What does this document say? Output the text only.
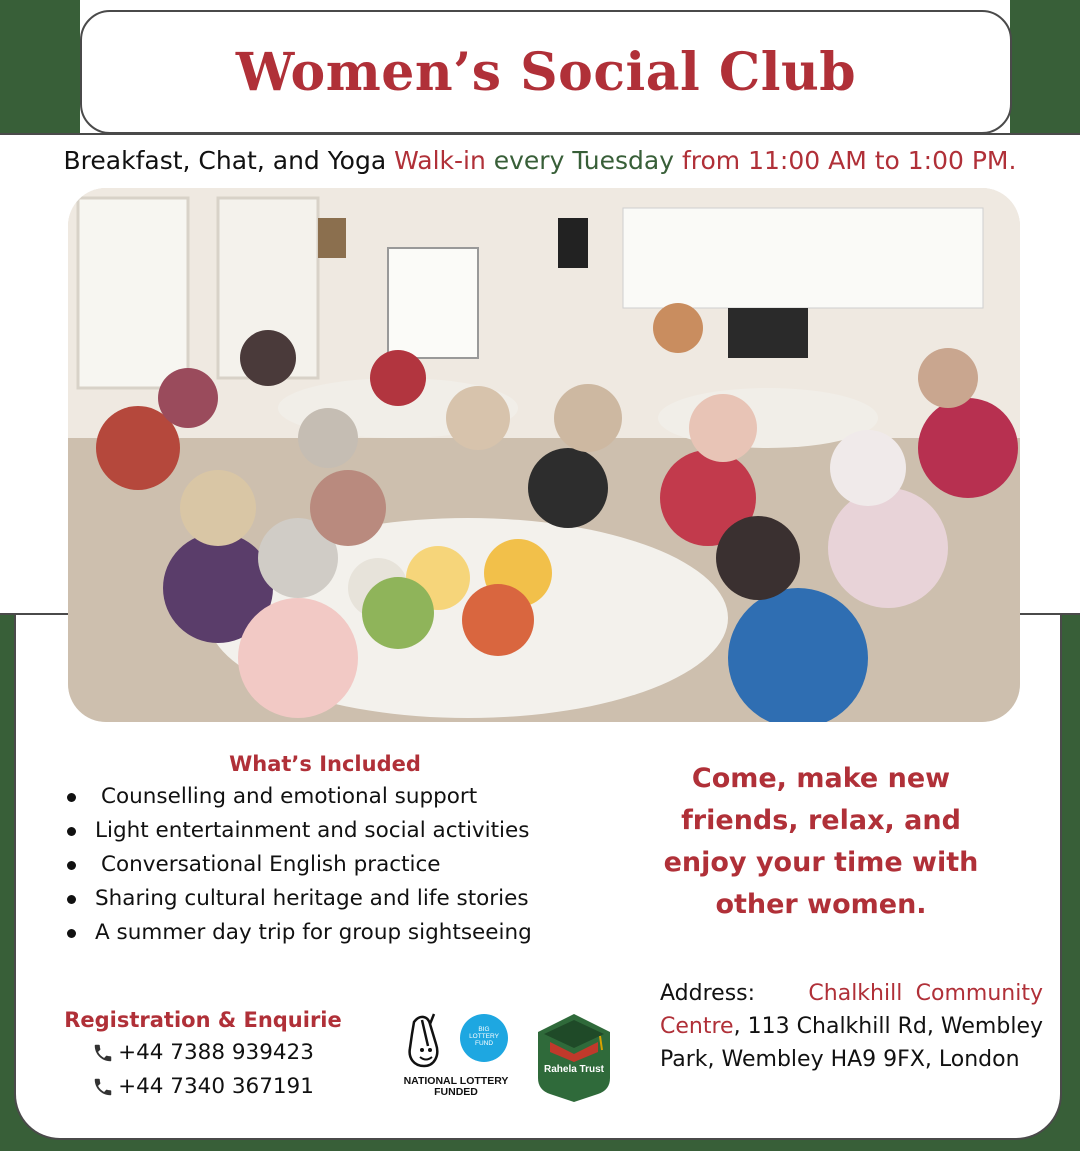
Women’s Social Club
Breakfast, Chat, and Yoga Walk-in every Tuesday from 11:00 AM to 1:00 PM.
What’s Included
Counselling and emotional support
Light entertainment and social activities
Conversational English practice
Sharing cultural heritage and life stories
A summer day trip for group sightseeing
Come, make new friends, relax, and enjoy your time with other women.
Registration & Enquirie
+44 7388 939423
+44 7340 367191
BIG LOTTERY FUND
NATIONAL LOTTERY FUNDED
Rahela Trust
Address: Chalkhill Community Centre, 113 Chalkhill Rd, Wembley Park, Wembley HA9 9FX, London
